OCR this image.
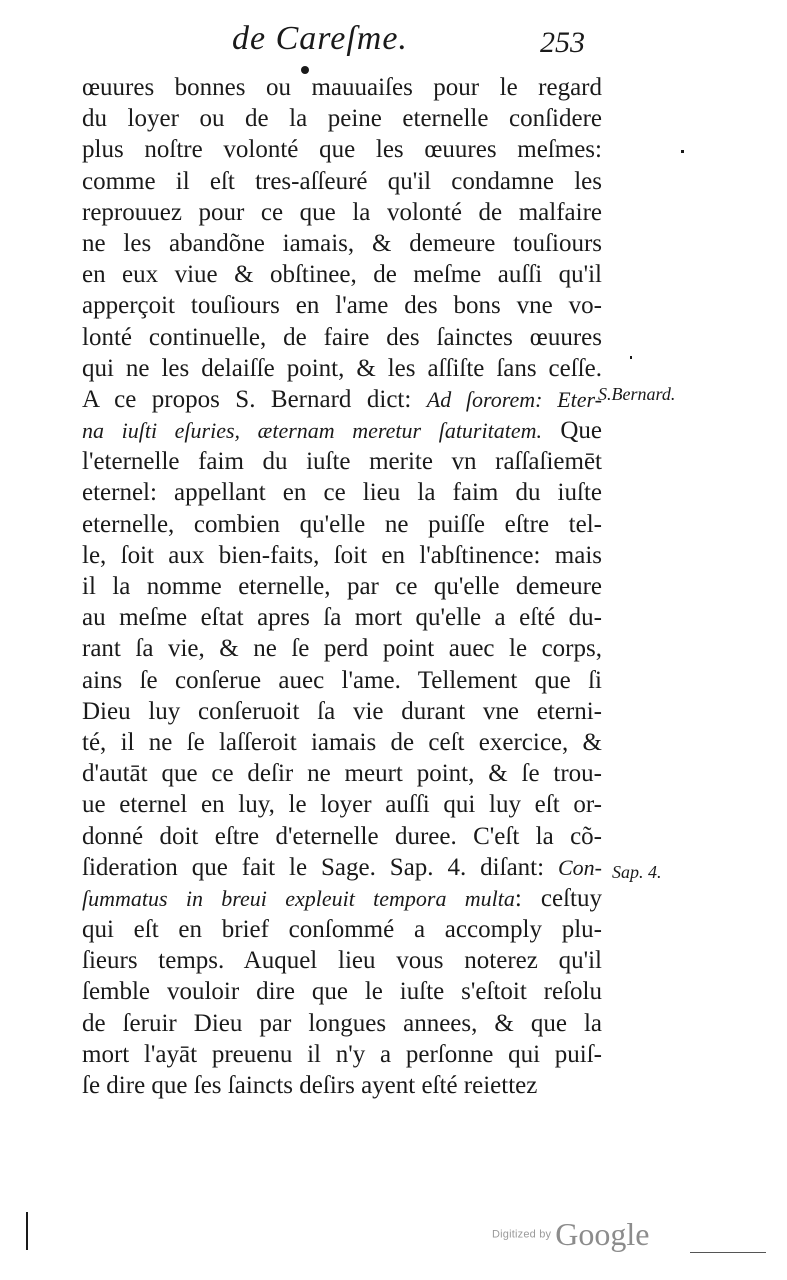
de Careſme.	253
œuures bonnes ou mauuaiſes pour le regard
du loyer ou de la peine eternelle conſidere
plus noſtre volonté que les œuures meſmes:
comme il eſt tres-aſſeuré qu'il condamne les
reprouuez pour ce que la volonté de malfaire
ne les abandõne iamais, & demeure touſiours
en eux viue & obſtinee, de meſme auſſi qu'il
apperçoit touſiours en l'ame des bons vne vo-
lonté continuelle, de faire des ſainctes œuures
qui ne les delaiſſe point, & les aſſiſte ſans ceſſe.
A ce propos S. Bernard dict: Ad ſororem: Eter-
na iuſti eſuries, æternam meretur ſaturitatem. Que
l'eternelle faim du iuſte merite vn raſſaſiemēt
eternel: appellant en ce lieu la faim du iuſte
eternelle, combien qu'elle ne puiſſe eſtre tel-
le, ſoit aux bien-faits, ſoit en l'abſtinence: mais
il la nomme eternelle, par ce qu'elle demeure
au meſme eſtat apres ſa mort qu'elle a eſté du-
rant ſa vie, & ne ſe perd point auec le corps,
ains ſe conſerue auec l'ame. Tellement que ſi
Dieu luy conſeruoit ſa vie durant vne eterni-
té, il ne ſe laſſeroit iamais de ceſt exercice, &
d'autāt que ce deſir ne meurt point, & ſe trou-
ue eternel en luy, le loyer auſſi qui luy eſt or-
donné doit eſtre d'eternelle duree. C'eſt la cõ-
ſideration que fait le Sage. Sap. 4. diſant: Con-
ſummatus in breui expleuit tempora multa: ceſtuy
qui eſt en brief conſommé a accomply plu-
ſieurs temps. Auquel lieu vous noterez qu'il
ſemble vouloir dire que le iuſte s'eſtoit reſolu
de ſeruir Dieu par longues annees, & que la
mort l'ayāt preuenu il n'y a perſonne qui puiſ-
ſe dire que ſes ſaincts deſirs ayent eſté reiettez
S.Bernard.
Sap. 4.
Digitized by Google
